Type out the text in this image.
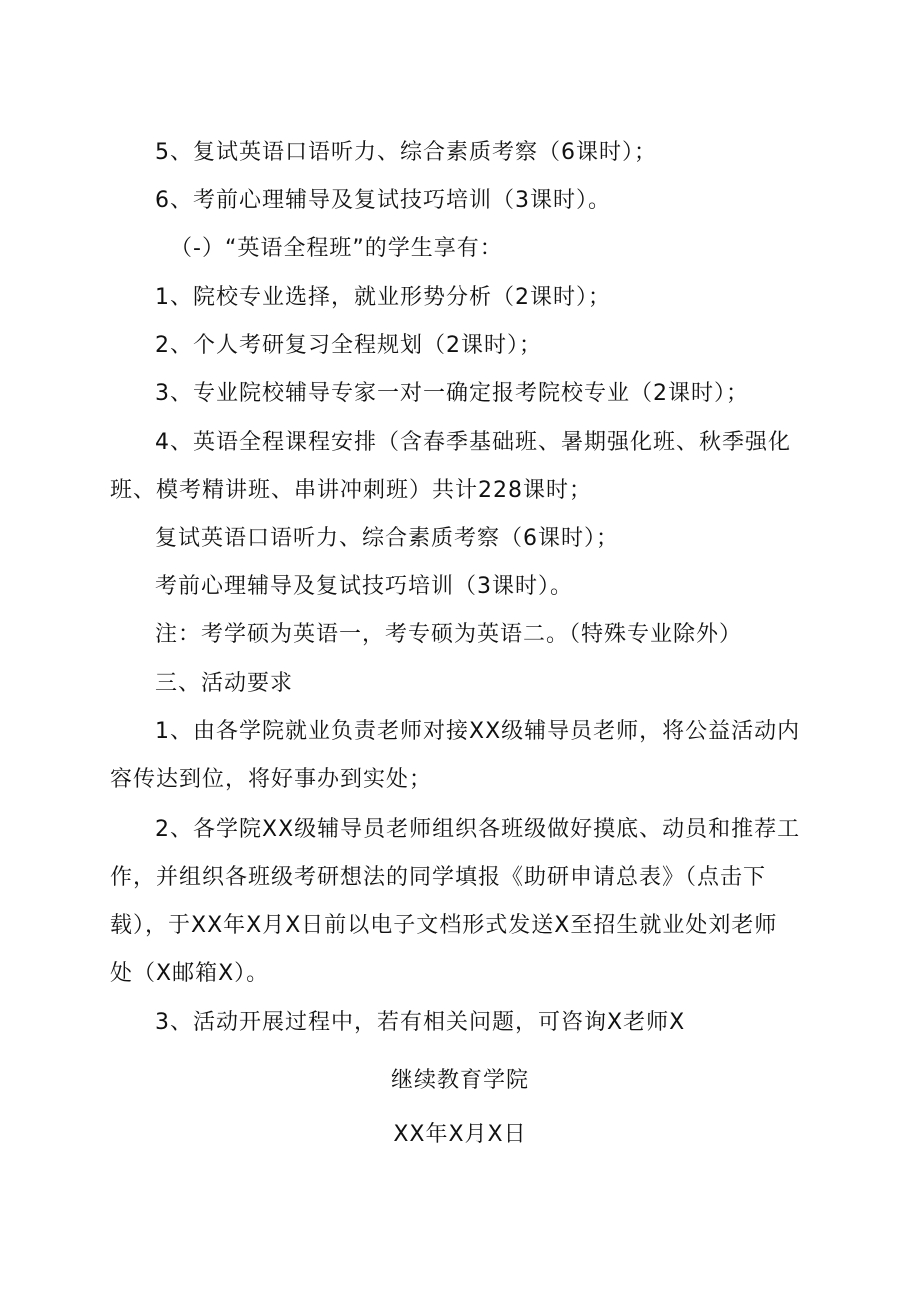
5、复试英语口语听力、综合素质考察（6课时）；
6、考前心理辅导及复试技巧培训（3课时）。
（-）“英语全程班”的学生享有：
1、院校专业选择，就业形势分析（2课时）；
2、个人考研复习全程规划（2课时）；
3、专业院校辅导专家一对一确定报考院校专业（2课时）；
4、英语全程课程安排（含春季基础班、暑期强化班、秋季强化
班、模考精讲班、串讲冲刺班）共计228课时；
复试英语口语听力、综合素质考察（6课时）；
考前心理辅导及复试技巧培训（3课时）。
注：考学硕为英语一，考专硕为英语二。（特殊专业除外）
三、活动要求
1、由各学院就业负责老师对接XX级辅导员老师，将公益活动内
容传达到位，将好事办到实处；
2、各学院XX级辅导员老师组织各班级做好摸底、动员和推荐工
作，并组织各班级考研想法的同学填报《助研申请总表》（点击下
载），于XX年X月X日前以电子文档形式发送X至招生就业处刘老师
处（X邮箱X）。
3、活动开展过程中，若有相关问题，可咨询X老师X
继续教育学院
XX年X月X日
